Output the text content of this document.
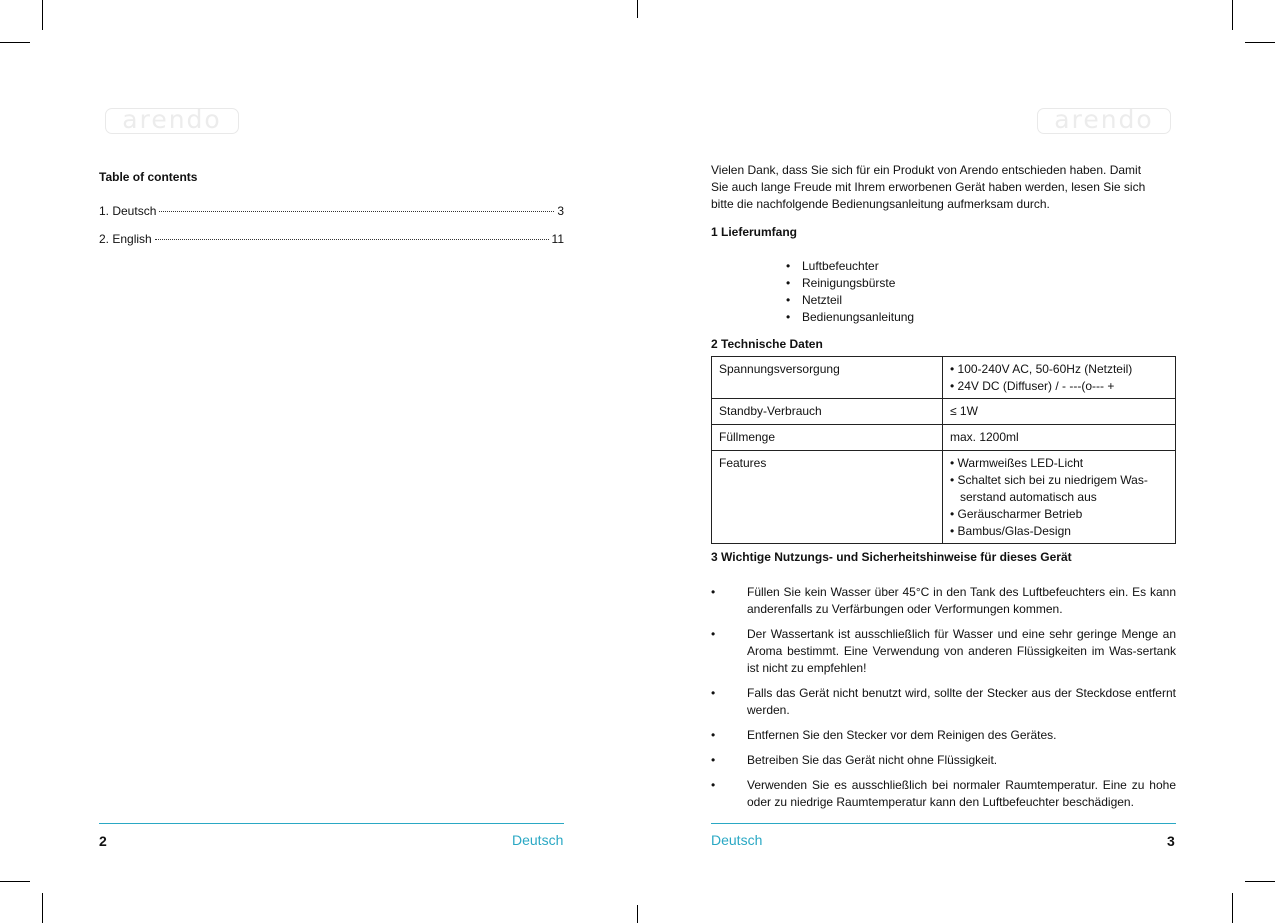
arendo	arendo
Table of contents
1. Deutsch	3
2. English	11
Vielen Dank, dass Sie sich für ein Produkt von Arendo entschieden haben. Damit
Sie auch lange Freude mit Ihrem erworbenen Gerät haben werden, lesen Sie sich
bitte die nachfolgende Bedienungsanleitung aufmerksam durch.
1 Lieferumfang
• Luftbefeuchter
• Reinigungsbürste
• Netzteil
• Bedienungsanleitung
2 Technische Daten
Spannungsversorgung	• 100-240V AC, 50-60Hz (Netzteil)
• 24V DC (Diffuser) / - ---(o--- +

Standby-Verbrauch	≤ 1W

Füllmenge	max. 1200ml

Features	• Warmweißes LED-Licht
• Schaltet sich bei zu niedrigem Was-serstand automatisch aus
• Geräuscharmer Betrieb
• Bambus/Glas-Design
3 Wichtige Nutzungs- und Sicherheitshinweise für dieses Gerät
•	Füllen Sie kein Wasser über 45°C in den Tank des Luftbefeuchters ein. Es kann anderenfalls zu Verfärbungen oder Verformungen kommen.
•	Der Wassertank ist ausschließlich für Wasser und eine sehr geringe Menge an Aroma bestimmt. Eine Verwendung von anderen Flüssigkeiten im Was-sertank ist nicht zu empfehlen!
•	Falls das Gerät nicht benutzt wird, sollte der Stecker aus der Steckdose entfernt werden.
•	Entfernen Sie den Stecker vor dem Reinigen des Gerätes.
•	Betreiben Sie das Gerät nicht ohne Flüssigkeit.
•	Verwenden Sie es ausschließlich bei normaler Raumtemperatur. Eine zu hohe oder zu niedrige Raumtemperatur kann den Luftbefeuchter beschädigen.
2	Deutsch	Deutsch	3
